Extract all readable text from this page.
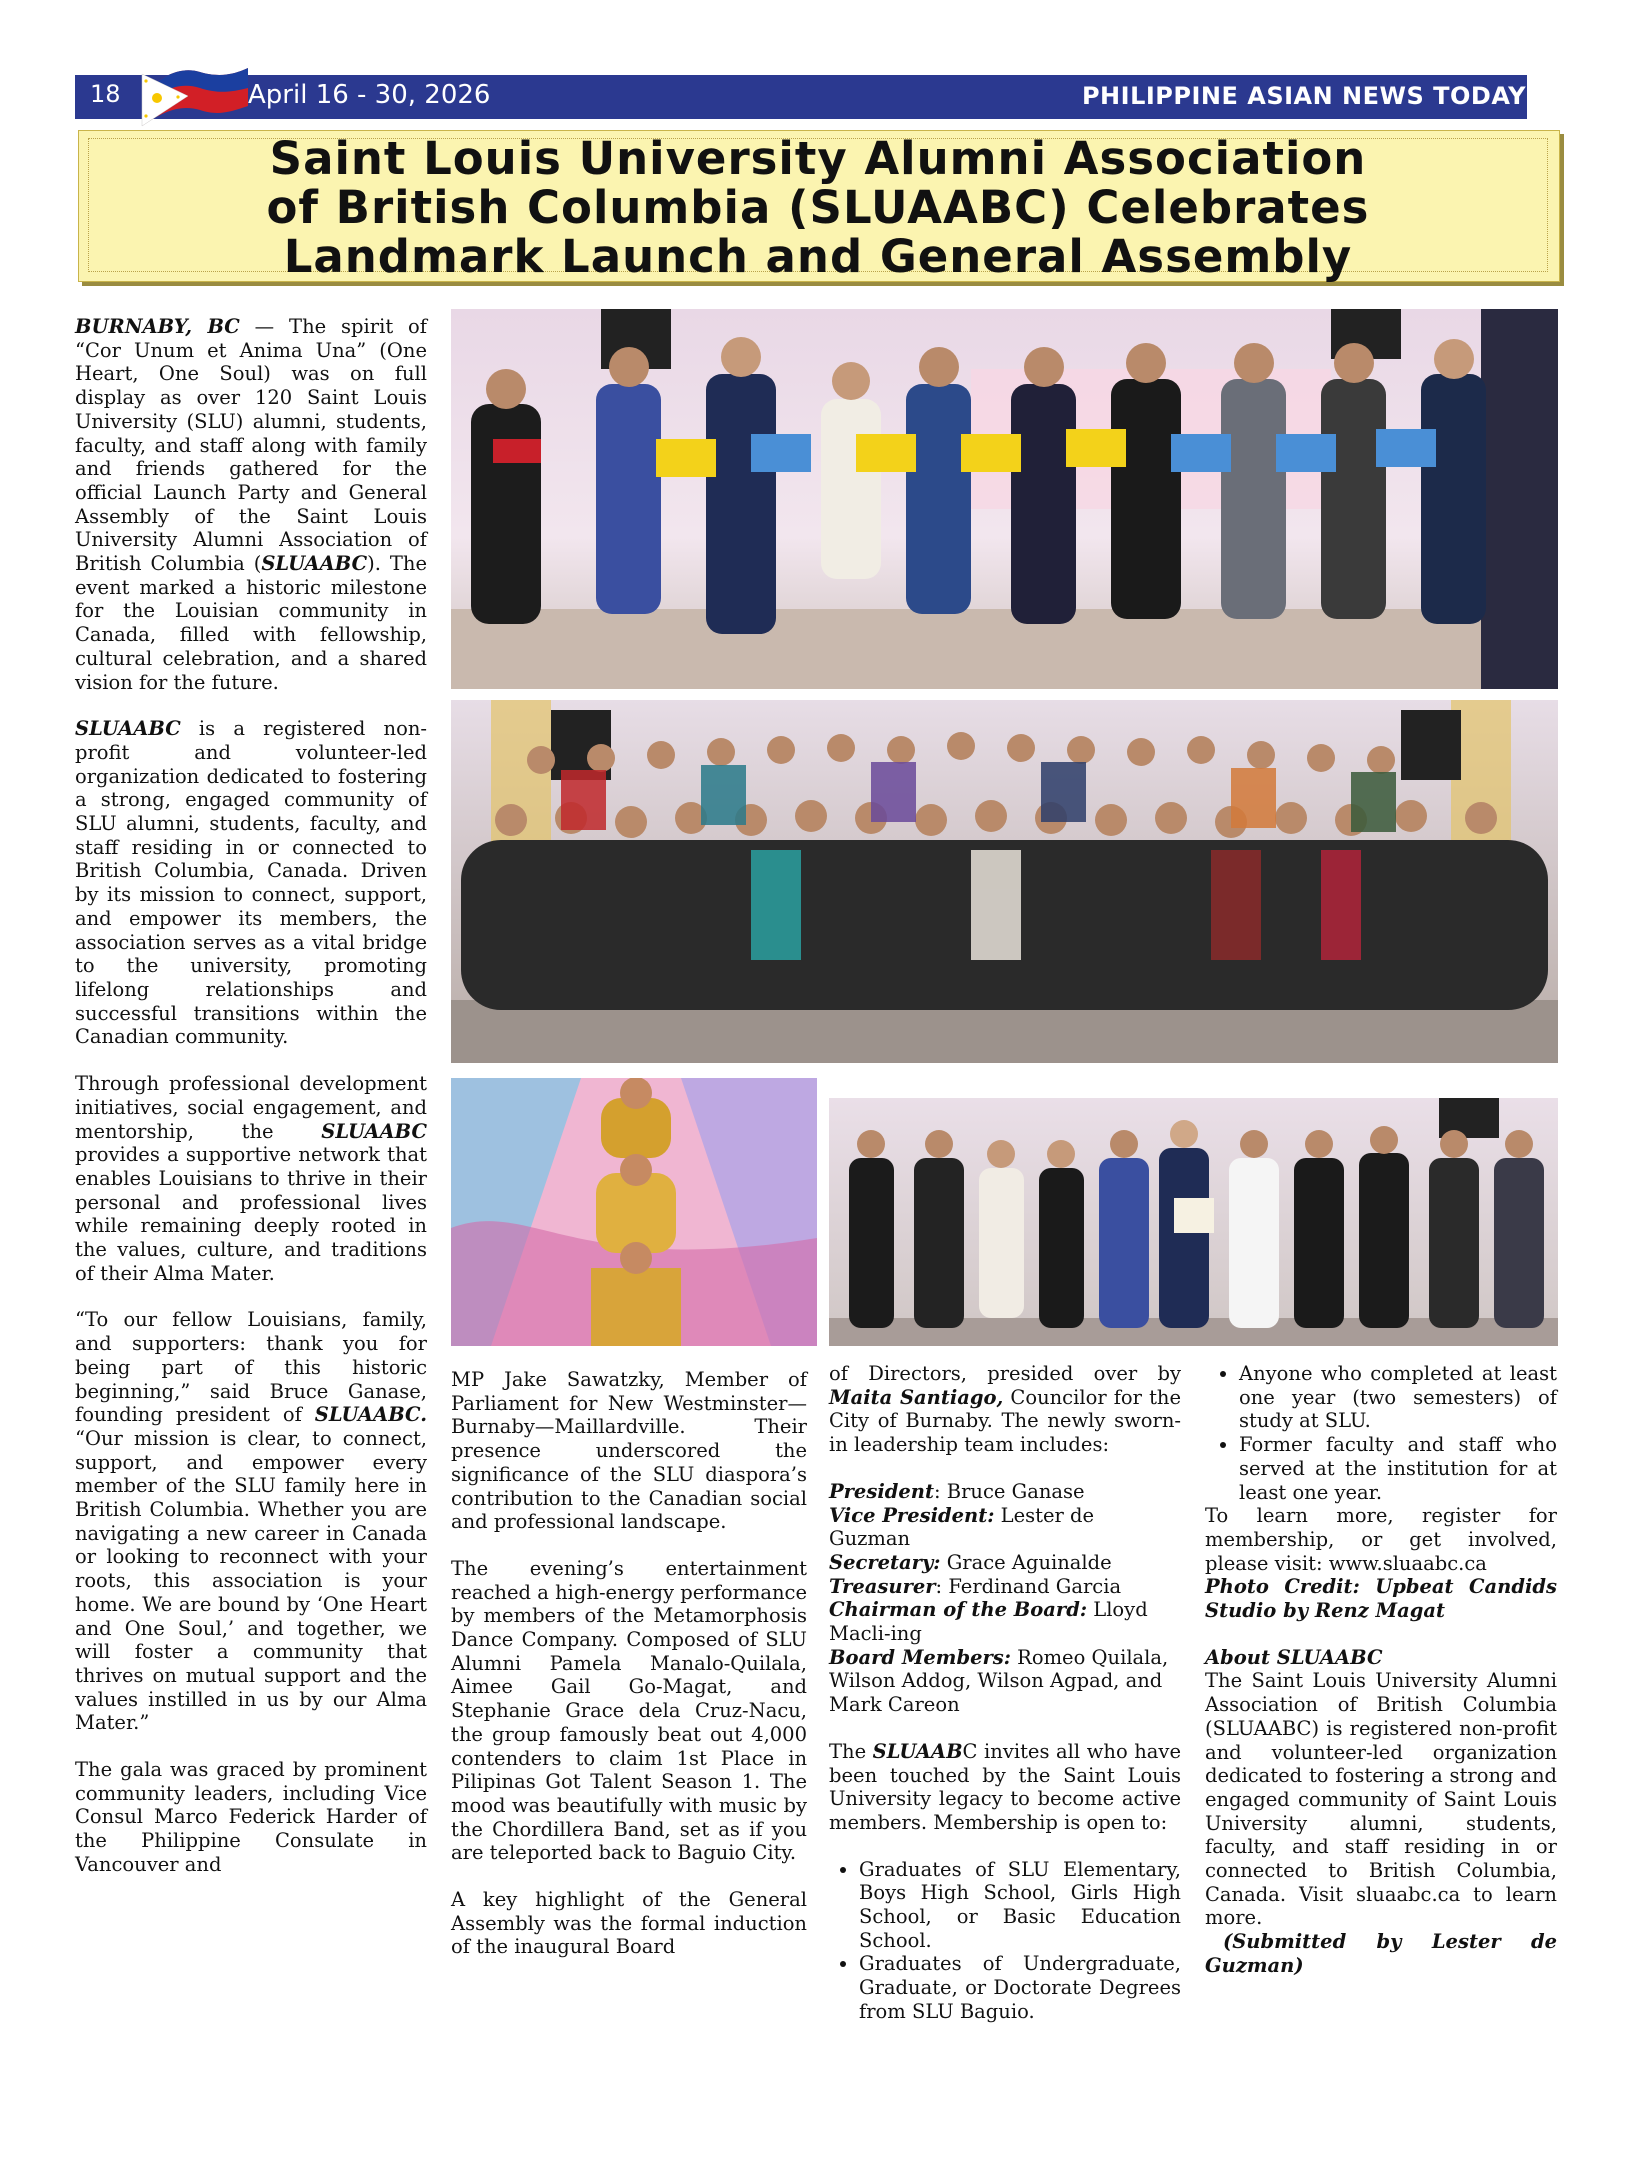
18	April 16 - 30, 2026	PHILIPPINE ASIAN NEWS TODAY
Saint Louis University Alumni Association
of British Columbia (SLUAABC) Celebrates
Landmark Launch and General Assembly

BURNABY, BC — The spirit of “Cor Unum et Anima Una” (One Heart, One Soul) was on full display as over 120 Saint Louis University (SLU) alumni, students, faculty, and staff along with family and friends gathered for the official Launch Party and General Assembly of the Saint Louis University Alumni Association of British Columbia (SLUAABC). The event marked a historic milestone for the Louisian community in Canada, filled with fellowship, cultural celebration, and a shared vision for the future.

SLUAABC is a registered non-profit and volunteer-led organization dedicated to fostering a strong, engaged community of SLU alumni, students, faculty, and staff residing in or connected to British Columbia, Canada. Driven by its mission to connect, support, and empower its members, the association serves as a vital bridge to the university, promoting lifelong relationships and successful transitions within the Canadian community.

Through professional development initiatives, social engagement, and mentorship, the SLUAABC provides a supportive network that enables Louisians to thrive in their personal and professional lives while remaining deeply rooted in the values, culture, and traditions of their Alma Mater.

“To our fellow Louisians, family, and supporters: thank you for being part of this historic beginning,” said Bruce Ganase, founding president of SLUAABC. “Our mission is clear, to connect, support, and empower every member of the SLU family here in British Columbia. Whether you are navigating a new career in Canada or looking to reconnect with your roots, this association is your home. We are bound by ‘One Heart and One Soul,’ and together, we will foster a community that thrives on mutual support and the values instilled in us by our Alma Mater.”

The gala was graced by prominent community leaders, including Vice Consul Marco Federick Harder of the Philippine Consulate in Vancouver and

MP Jake Sawatzky, Member of Parliament for New Westminster—Burnaby—Maillardville. Their presence underscored the significance of the SLU diaspora’s contribution to the Canadian social and professional landscape.

The evening’s entertainment reached a high-energy performance by members of the Metamorphosis Dance Company. Composed of SLU Alumni Pamela Manalo-Quilala, Aimee Gail Go-Magat, and Stephanie Grace dela Cruz-Nacu, the group famously beat out 4,000 contenders to claim 1st Place in Pilipinas Got Talent Season 1. The mood was beautifully with music by the Chordillera Band, set as if you are teleported back to Baguio City.

A key highlight of the General Assembly was the formal induction of the inaugural Board

of Directors, presided over by Maita Santiago, Councilor for the City of Burnaby. The newly sworn-in leadership team includes:

President: Bruce Ganase
Vice President: Lester de Guzman
Secretary: Grace Aguinalde
Treasurer: Ferdinand Garcia
Chairman of the Board: Lloyd Macli-ing
Board Members: Romeo Quilala, Wilson Addog, Wilson Agpad, and Mark Careon

The SLUAABC invites all who have been touched by the Saint Louis University legacy to become active members. Membership is open to:

• Graduates of SLU Elementary, Boys High School, Girls High School, or Basic Education School.
• Graduates of Undergraduate, Graduate, or Doctorate Degrees from SLU Baguio.
• Anyone who completed at least one year (two semesters) of study at SLU.
• Former faculty and staff who served at the institution for at least one year.

To learn more, register for membership, or get involved, please visit: www.sluaabc.ca

Photo Credit: Upbeat Candids Studio by Renz Magat

About SLUAABC

The Saint Louis University Alumni Association of British Columbia (SLUAABC) is registered non-profit and volunteer-led organization dedicated to fostering a strong and engaged community of Saint Louis University alumni, students, faculty, and staff residing in or connected to British Columbia, Canada. Visit sluaabc.ca to learn more.

(Submitted by Lester de Guzman)
